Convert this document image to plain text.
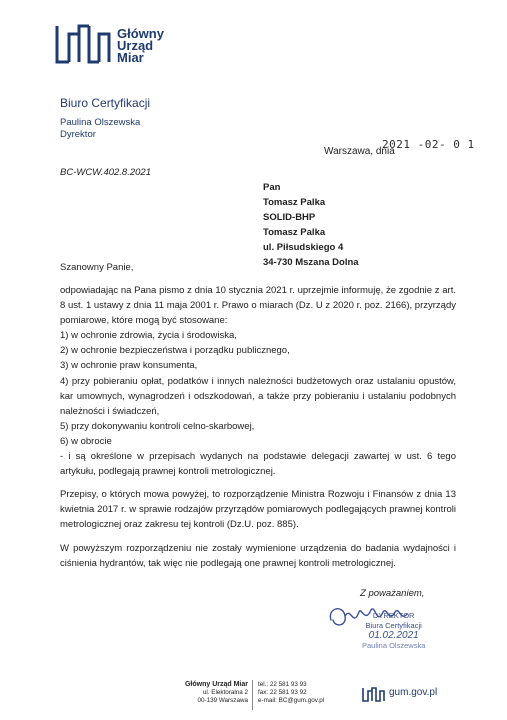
Główny
Urząd
Miar
Biuro Certyfikacji
Paulina Olszewska
Dyrektor
Warszawa, dnia
2021 -02- 0 1
BC-WCW.402.8.2021
Pan
Tomasz Palka
SOLID-BHP
Tomasz Palka
ul. Piłsudskiego 4
34-730 Mszana Dolna
Szanowny Panie,

odpowiadając na Pana pismo z dnia 10 stycznia 2021 r. uprzejmie informuję, że zgodnie z art. 8 ust. 1 ustawy z dnia 11 maja 2001 r. Prawo o miarach (Dz. U z 2020 r. poz. 2166), przyrządy pomiarowe, które mogą być stosowane:

1) w ochronie zdrowia, życia i środowiska,

2) w ochronie bezpieczeństwa i porządku publicznego,

3) w ochronie praw konsumenta,

4) przy pobieraniu opłat, podatków i innych należności budżetowych oraz ustalaniu opustów, kar umownych, wynagrodzeń i odszkodowań, a także przy pobieraniu i ustalaniu podobnych należności i świadczeń,

5) przy dokonywaniu kontroli celno-skarbowej,

6) w obrocie

- i są określone w przepisach wydanych na podstawie delegacji zawartej w ust. 6 tego artykułu, podlegają prawnej kontroli metrologicznej.

Przepisy, o których mowa powyżej, to rozporządzenie Ministra Rozwoju i Finansów z dnia 13 kwietnia 2017 r. w sprawie rodzajów przyrządów pomiarowych podlegających prawnej kontroli metrologicznej oraz zakresu tej kontroli (Dz.U. poz. 885).

W powyższym rozporządzeniu nie zostały wymienione urządzenia do badania wydajności i ciśnienia hydrantów, tak więc nie podlegają one prawnej kontroli metrologicznej.

Z poważaniem,
DYREKTOR
Biura Certyfikacji
01.02.2021
Paulina Olszewska
Główny Urząd Miar
ul. Elektoralna 2
00-139 Warszawa
tel.: 22 581 93 93
fax: 22 581 93 92
e-mail: BC@gum.gov.pl
gum.gov.pl
